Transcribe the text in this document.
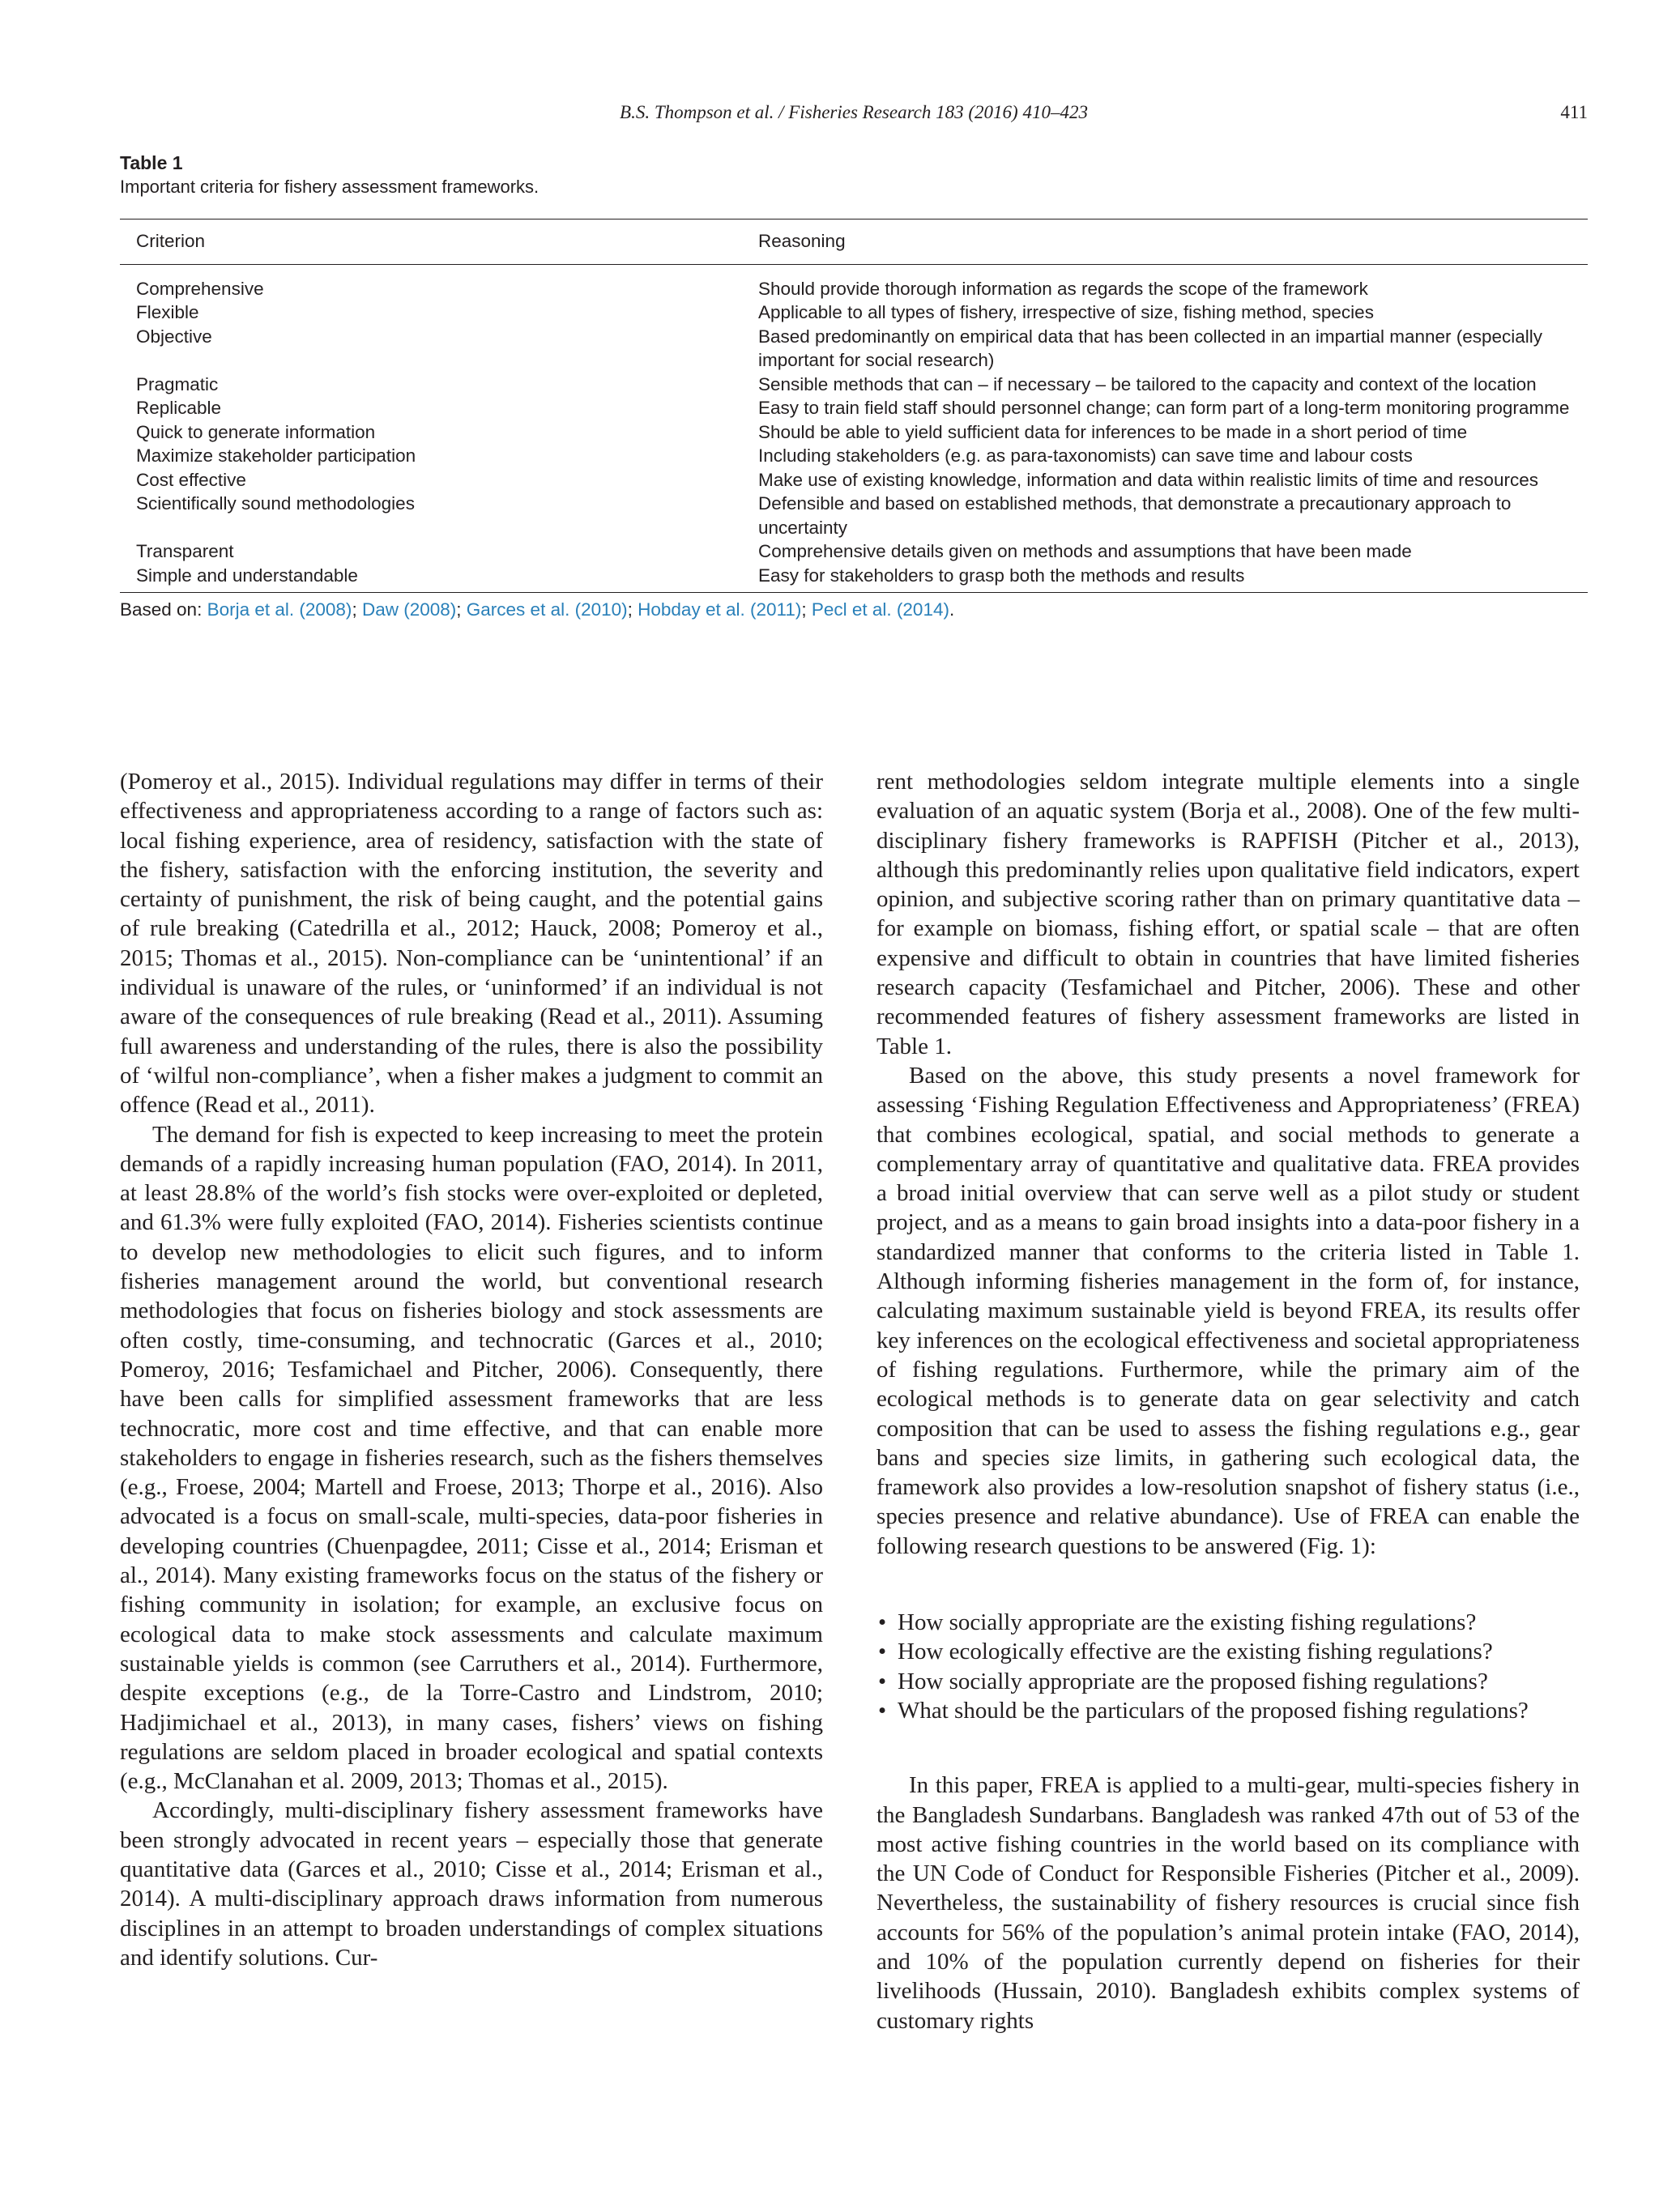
B.S. Thompson et al. / Fisheries Research 183 (2016) 410–423	411
Table 1
Important criteria for fishery assessment frameworks.
Criterion	Reasoning
Comprehensive	Should provide thorough information as regards the scope of the framework
Flexible	Applicable to all types of fishery, irrespective of size, fishing method, species
Objective	Based predominantly on empirical data that has been collected in an impartial manner (especially important for social research)
Pragmatic	Sensible methods that can – if necessary – be tailored to the capacity and context of the location
Replicable	Easy to train field staff should personnel change; can form part of a long-term monitoring programme
Quick to generate information	Should be able to yield sufficient data for inferences to be made in a short period of time
Maximize stakeholder participation	Including stakeholders (e.g. as para-taxonomists) can save time and labour costs
Cost effective	Make use of existing knowledge, information and data within realistic limits of time and resources
Scientifically sound methodologies	Defensible and based on established methods, that demonstrate a precautionary approach to uncertainty
Transparent	Comprehensive details given on methods and assumptions that have been made
Simple and understandable	Easy for stakeholders to grasp both the methods and results
Based on: Borja et al. (2008); Daw (2008); Garces et al. (2010); Hobday et al. (2011); Pecl et al. (2014).

(Pomeroy et al., 2015). Individual regulations may differ in terms of their effectiveness and appropriateness according to a range of factors such as: local fishing experience, area of residency, satisfaction with the state of the fishery, satisfaction with the enforcing institution, the severity and certainty of punishment, the risk of being caught, and the potential gains of rule breaking (Catedrilla et al., 2012; Hauck, 2008; Pomeroy et al., 2015; Thomas et al., 2015). Non-compliance can be ‘unintentional’ if an individual is unaware of the rules, or ‘uninformed’ if an individual is not aware of the consequences of rule breaking (Read et al., 2011). Assuming full awareness and understanding of the rules, there is also the possibility of ‘wilful non-compliance’, when a fisher makes a judgment to commit an offence (Read et al., 2011).

The demand for fish is expected to keep increasing to meet the protein demands of a rapidly increasing human population (FAO, 2014). In 2011, at least 28.8% of the world’s fish stocks were over-exploited or depleted, and 61.3% were fully exploited (FAO, 2014). Fisheries scientists continue to develop new methodologies to elicit such figures, and to inform fisheries management around the world, but conventional research methodologies that focus on fisheries biology and stock assessments are often costly, time-consuming, and technocratic (Garces et al., 2010; Pomeroy, 2016; Tesfamichael and Pitcher, 2006). Consequently, there have been calls for simplified assessment frameworks that are less technocratic, more cost and time effective, and that can enable more stakeholders to engage in fisheries research, such as the fishers themselves (e.g., Froese, 2004; Martell and Froese, 2013; Thorpe et al., 2016). Also advocated is a focus on small-scale, multi-species, data-poor fisheries in developing countries (Chuenpagdee, 2011; Cisse et al., 2014; Erisman et al., 2014). Many existing frameworks focus on the status of the fishery or fishing community in isolation; for example, an exclusive focus on ecological data to make stock assessments and calculate maximum sustainable yields is common (see Carruthers et al., 2014). Furthermore, despite exceptions (e.g., de la Torre-Castro and Lindstrom, 2010; Hadjimichael et al., 2013), in many cases, fishers’ views on fishing regulations are seldom placed in broader ecological and spatial contexts (e.g., McClanahan et al. 2009, 2013; Thomas et al., 2015).

Accordingly, multi-disciplinary fishery assessment frameworks have been strongly advocated in recent years – especially those that generate quantitative data (Garces et al., 2010; Cisse et al., 2014; Erisman et al., 2014). A multi-disciplinary approach draws information from numerous disciplines in an attempt to broaden understandings of complex situations and identify solutions. Cur-

rent methodologies seldom integrate multiple elements into a single evaluation of an aquatic system (Borja et al., 2008). One of the few multi-disciplinary fishery frameworks is RAPFISH (Pitcher et al., 2013), although this predominantly relies upon qualitative field indicators, expert opinion, and subjective scoring rather than on primary quantitative data – for example on biomass, fishing effort, or spatial scale – that are often expensive and difficult to obtain in countries that have limited fisheries research capacity (Tesfamichael and Pitcher, 2006). These and other recommended features of fishery assessment frameworks are listed in Table 1.

Based on the above, this study presents a novel framework for assessing ‘Fishing Regulation Effectiveness and Appropriateness’ (FREA) that combines ecological, spatial, and social methods to generate a complementary array of quantitative and qualitative data. FREA provides a broad initial overview that can serve well as a pilot study or student project, and as a means to gain broad insights into a data-poor fishery in a standardized manner that conforms to the criteria listed in Table 1. Although informing fisheries management in the form of, for instance, calculating maximum sustainable yield is beyond FREA, its results offer key inferences on the ecological effectiveness and societal appropriateness of fishing regulations. Furthermore, while the primary aim of the ecological methods is to generate data on gear selectivity and catch composition that can be used to assess the fishing regulations e.g., gear bans and species size limits, in gathering such ecological data, the framework also provides a low-resolution snapshot of fishery status (i.e., species presence and relative abundance). Use of FREA can enable the following research questions to be answered (Fig. 1):

• How socially appropriate are the existing fishing regulations?
• How ecologically effective are the existing fishing regulations?
• How socially appropriate are the proposed fishing regulations?
• What should be the particulars of the proposed fishing regulations?

In this paper, FREA is applied to a multi-gear, multi-species fishery in the Bangladesh Sundarbans. Bangladesh was ranked 47th out of 53 of the most active fishing countries in the world based on its compliance with the UN Code of Conduct for Responsible Fisheries (Pitcher et al., 2009). Nevertheless, the sustainability of fishery resources is crucial since fish accounts for 56% of the population’s animal protein intake (FAO, 2014), and 10% of the population currently depend on fisheries for their livelihoods (Hussain, 2010). Bangladesh exhibits complex systems of customary rights
